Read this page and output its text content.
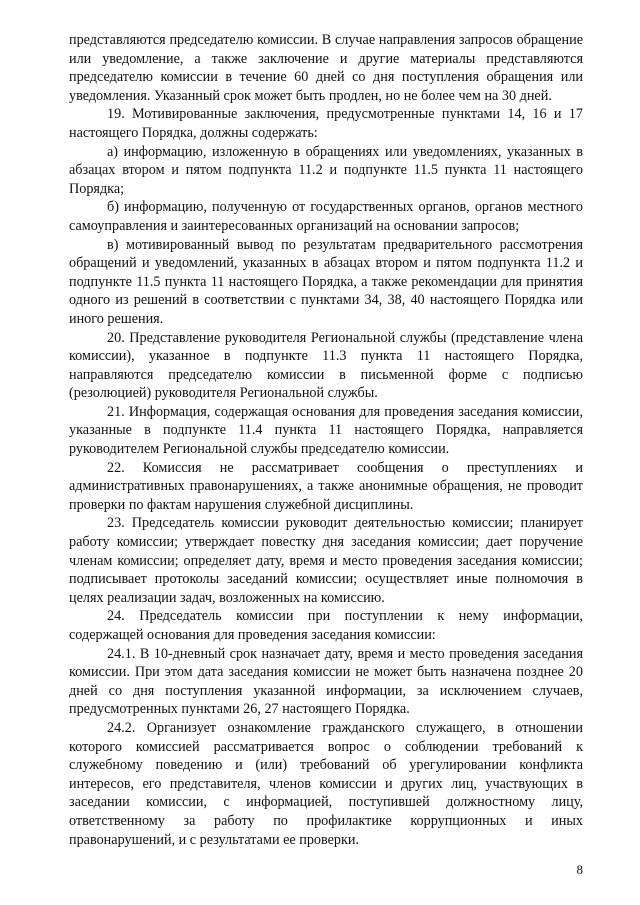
представляются председателю комиссии. В случае направления запросов обращение или уведомление, а также заключение и другие материалы представляются председателю комиссии в течение 60 дней со дня поступления обращения или уведомления. Указанный срок может быть продлен, но не более чем на 30 дней.

19. Мотивированные заключения, предусмотренные пунктами 14, 16 и 17 настоящего Порядка, должны содержать:

а) информацию, изложенную в обращениях или уведомлениях, указанных в абзацах втором и пятом подпункта 11.2 и подпункте 11.5 пункта 11 настоящего Порядка;

б) информацию, полученную от государственных органов, органов местного самоуправления и заинтересованных организаций на основании запросов;

в) мотивированный вывод по результатам предварительного рассмотрения обращений и уведомлений, указанных в абзацах втором и пятом подпункта 11.2 и подпункте 11.5 пункта 11 настоящего Порядка, а также рекомендации для принятия одного из решений в соответствии с пунктами 34, 38, 40 настоящего Порядка или иного решения.

20. Представление руководителя Региональной службы (представление члена комиссии), указанное в подпункте 11.3 пункта 11 настоящего Порядка, направляются председателю комиссии в письменной форме с подписью (резолюцией) руководителя Региональной службы.

21. Информация, содержащая основания для проведения заседания комиссии, указанные в подпункте 11.4 пункта 11 настоящего Порядка, направляется руководителем Региональной службы председателю комиссии.

22. Комиссия не рассматривает сообщения о преступлениях и административных правонарушениях, а также анонимные обращения, не проводит проверки по фактам нарушения служебной дисциплины.

23. Председатель комиссии руководит деятельностью комиссии; планирует работу комиссии; утверждает повестку дня заседания комиссии; дает поручение членам комиссии; определяет дату, время и место проведения заседания комиссии; подписывает протоколы заседаний комиссии; осуществляет иные полномочия в целях реализации задач, возложенных на комиссию.

24. Председатель комиссии при поступлении к нему информации, содержащей основания для проведения заседания комиссии:

24.1. В 10-дневный срок назначает дату, время и место проведения заседания комиссии. При этом дата заседания комиссии не может быть назначена позднее 20 дней со дня поступления указанной информации, за исключением случаев, предусмотренных пунктами 26, 27 настоящего Порядка.

24.2. Организует ознакомление гражданского служащего, в отношении которого комиссией рассматривается вопрос о соблюдении требований к служебному поведению и (или) требований об урегулировании конфликта интересов, его представителя, членов комиссии и других лиц, участвующих в заседании комиссии, с информацией, поступившей должностному лицу, ответственному за работу по профилактике коррупционных и иных правонарушений, и с результатами ее проверки.

8
